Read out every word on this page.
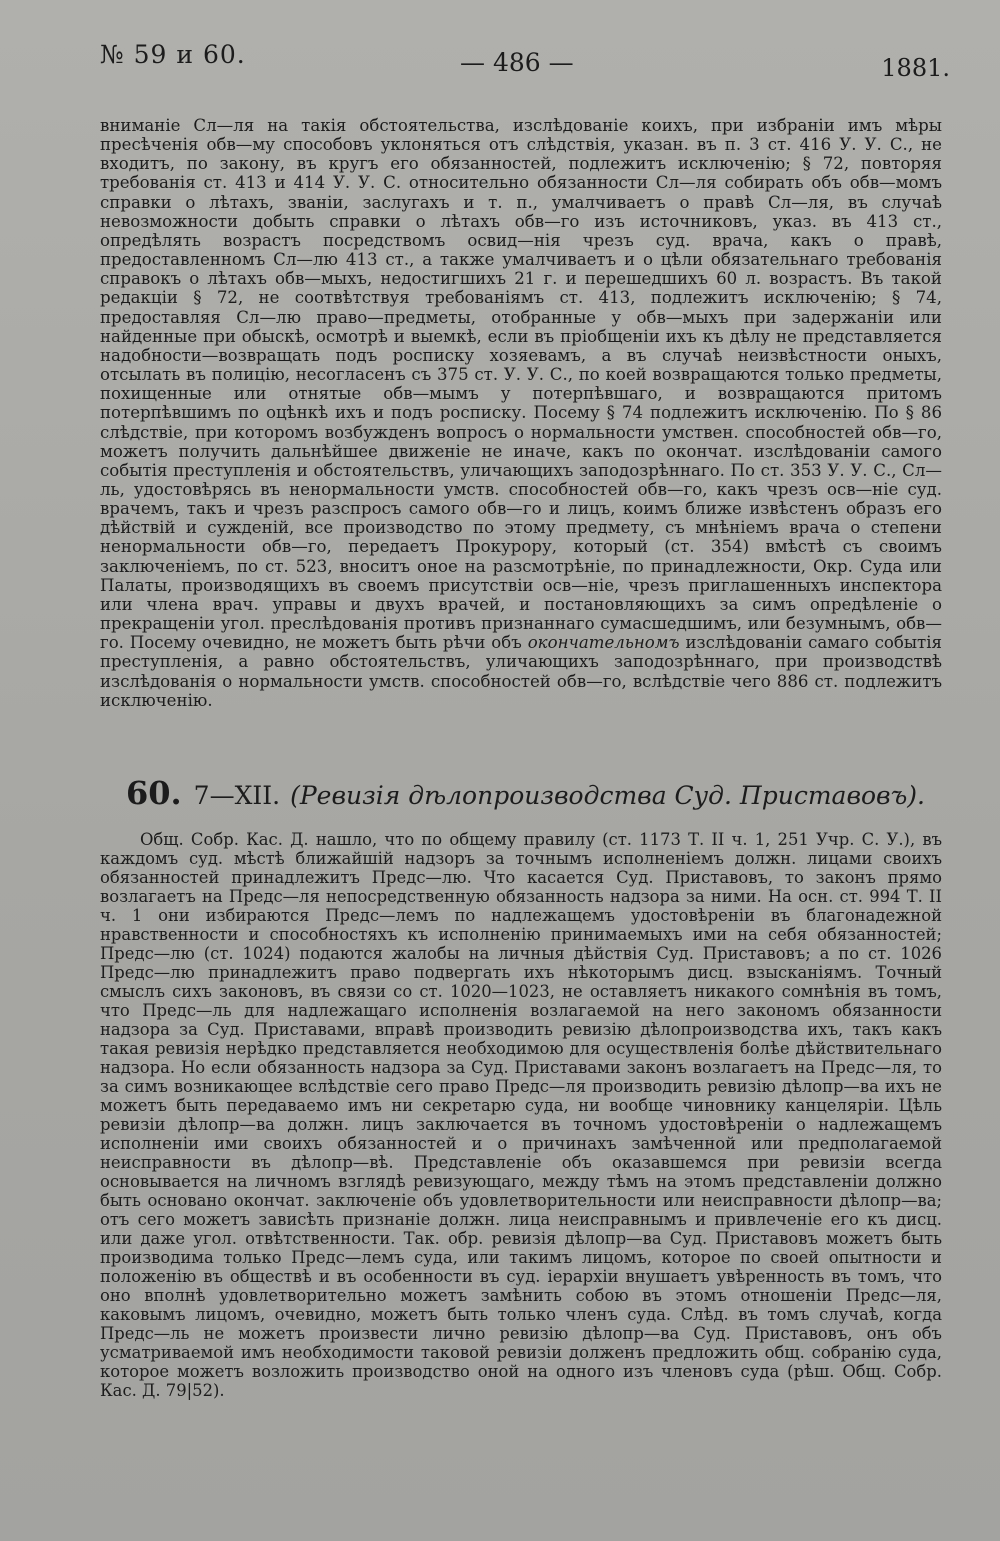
№ 59 и 60.	— 486 —	1881.

вниманіе Сл—ля на такія обстоятельства, изслѣдованіе коихъ, при избраніи имъ мѣры пресѣченія обв—му способовъ уклоняться отъ слѣдствія, указан. въ п. 3 ст. 416 У. У. С., не входитъ, по закону, въ кругъ его обязанностей, подлежитъ исключенію; § 72, повторяя требованія ст. 413 и 414 У. У. С. относительно обязанности Сл—ля собирать объ обв—момъ справки о лѣтахъ, званіи, заслугахъ и т. п., умалчиваетъ о правѣ Сл—ля, въ случаѣ невозможности добыть справки о лѣтахъ обв—го изъ источниковъ, указ. въ 413 ст., опредѣлять возрастъ посредствомъ освид—нія чрезъ суд. врача, какъ о правѣ, предоставленномъ Сл—лю 413 ст., а также умалчиваетъ и о цѣли обязательнаго требованія справокъ о лѣтахъ обв—мыхъ, недостигшихъ 21 г. и перешедшихъ 60 л. возрастъ. Въ такой редакціи § 72, не соотвѣтствуя требованіямъ ст. 413, подлежитъ исключенію; § 74, предоставляя Сл—лю право—предметы, отобранные у обв—мыхъ при задержаніи или найденные при обыскѣ, осмотрѣ и выемкѣ, если въ пріобщеніи ихъ къ дѣлу не представляется надобности—возвращать подъ росписку хозяевамъ, а въ случаѣ неизвѣстности оныхъ, отсылать въ полицію, несогласенъ съ 375 ст. У. У. С., по коей возвращаются только предметы, похищенные или отнятые обв—мымъ у потерпѣвшаго, и возвращаются притомъ потерпѣвшимъ по оцѣнкѣ ихъ и подъ росписку. Посему § 74 подлежитъ исключенію. По § 86 слѣдствіе, при которомъ возбужденъ вопросъ о нормальности умствен. способностей обв—го, можетъ получить дальнѣйшее движеніе не иначе, какъ по окончат. изслѣдованіи самого событія преступленія и обстоятельствъ, уличающихъ заподозрѣннаго. По ст. 353 У. У. С., Сл—ль, удостовѣрясь въ ненормальности умств. способностей обв—го, какъ чрезъ осв—ніе суд. врачемъ, такъ и чрезъ разспросъ самого обв—го и лицъ, коимъ ближе извѣстенъ образъ его дѣйствій и сужденій, все производство по этому предмету, съ мнѣніемъ врача о степени ненормальности обв—го, передаетъ Прокурору, который (ст. 354) вмѣстѣ съ своимъ заключеніемъ, по ст. 523, вноситъ оное на разсмотрѣніе, по принадлежности, Окр. Суда или Палаты, производящихъ въ своемъ присутствіи осв—ніе, чрезъ приглашенныхъ инспектора или члена врач. управы и двухъ врачей, и постановляющихъ за симъ опредѣленіе о прекращеніи угол. преслѣдованія противъ признаннаго сумасшедшимъ, или безумнымъ, обв—го. Посему очевидно, не можетъ быть рѣчи объ окончательномъ изслѣдованіи самаго событія преступленія, а равно обстоятельствъ, уличающихъ заподозрѣннаго, при производствѣ изслѣдованія о нормальности умств. способностей обв—го, вслѣдствіе чего 886 ст. подлежитъ исключенію.

60. 7—XII. (Ревизія дѣлопроизводства Суд. Приставовъ).

Общ. Собр. Кас. Д. нашло, что по общему правилу (ст. 1173 Т. II ч. 1, 251 Учр. С. У.), въ каждомъ суд. мѣстѣ ближайшій надзоръ за точнымъ исполненіемъ должн. лицами своихъ обязанностей принадлежитъ Предс—лю. Что касается Суд. Приставовъ, то законъ прямо возлагаетъ на Предс—ля непосредственную обязанность надзора за ними. На осн. ст. 994 Т. II ч. 1 они избираются Предс—лемъ по надлежащемъ удостовѣреніи въ благонадежной нравственности и способностяхъ къ исполненію принимаемыхъ ими на себя обязанностей; Предс—лю (ст. 1024) подаются жалобы на личныя дѣйствія Суд. Приставовъ; а по ст. 1026 Предс—лю принадлежитъ право подвергать ихъ нѣкоторымъ дисц. взысканіямъ. Точный смыслъ сихъ законовъ, въ связи со ст. 1020—1023, не оставляетъ никакого сомнѣнія въ томъ, что Предс—ль для надлежащаго исполненія возлагаемой на него закономъ обязанности надзора за Суд. Приставами, вправѣ производить ревизію дѣлопроизводства ихъ, такъ какъ такая ревизія нерѣдко представляется необходимою для осуществленія болѣе дѣйствительнаго надзора. Но если обязанность надзора за Суд. Приставами законъ возлагаетъ на Предс—ля, то за симъ возникающее вслѣдствіе сего право Предс—ля производить ревизію дѣлопр—ва ихъ не можетъ быть передаваемо имъ ни секретарю суда, ни вообще чиновнику канцеляріи. Цѣль ревизіи дѣлопр—ва должн. лицъ заключается въ точномъ удостовѣреніи о надлежащемъ исполненіи ими своихъ обязанностей и о причинахъ замѣченной или предполагаемой неисправности въ дѣлопр—вѣ. Представленіе объ оказавшемся при ревизіи всегда основывается на личномъ взглядѣ ревизующаго, между тѣмъ на этомъ представленіи должно быть основано окончат. заключеніе объ удовлетворительности или неисправности дѣлопр—ва; отъ сего можетъ зависѣть признаніе должн. лица неисправнымъ и привлеченіе его къ дисц. или даже угол. отвѣтственности. Так. обр. ревизія дѣлопр—ва Суд. Приставовъ можетъ быть производима только Предс—лемъ суда, или такимъ лицомъ, которое по своей опытности и положенію въ обществѣ и въ особенности въ суд. іерархіи внушаетъ увѣренность въ томъ, что оно вполнѣ удовлетворительно можетъ замѣнить собою въ этомъ отношеніи Предс—ля, каковымъ лицомъ, очевидно, можетъ быть только членъ суда. Слѣд. въ томъ случаѣ, когда Предс—ль не можетъ произвести лично ревизію дѣлопр—ва Суд. Приставовъ, онъ объ усматриваемой имъ необходимости таковой ревизіи долженъ предложить общ. собранію суда, которое можетъ возложить производство оной на одного изъ членовъ суда (рѣш. Общ. Собр. Кас. Д. 79|52).
